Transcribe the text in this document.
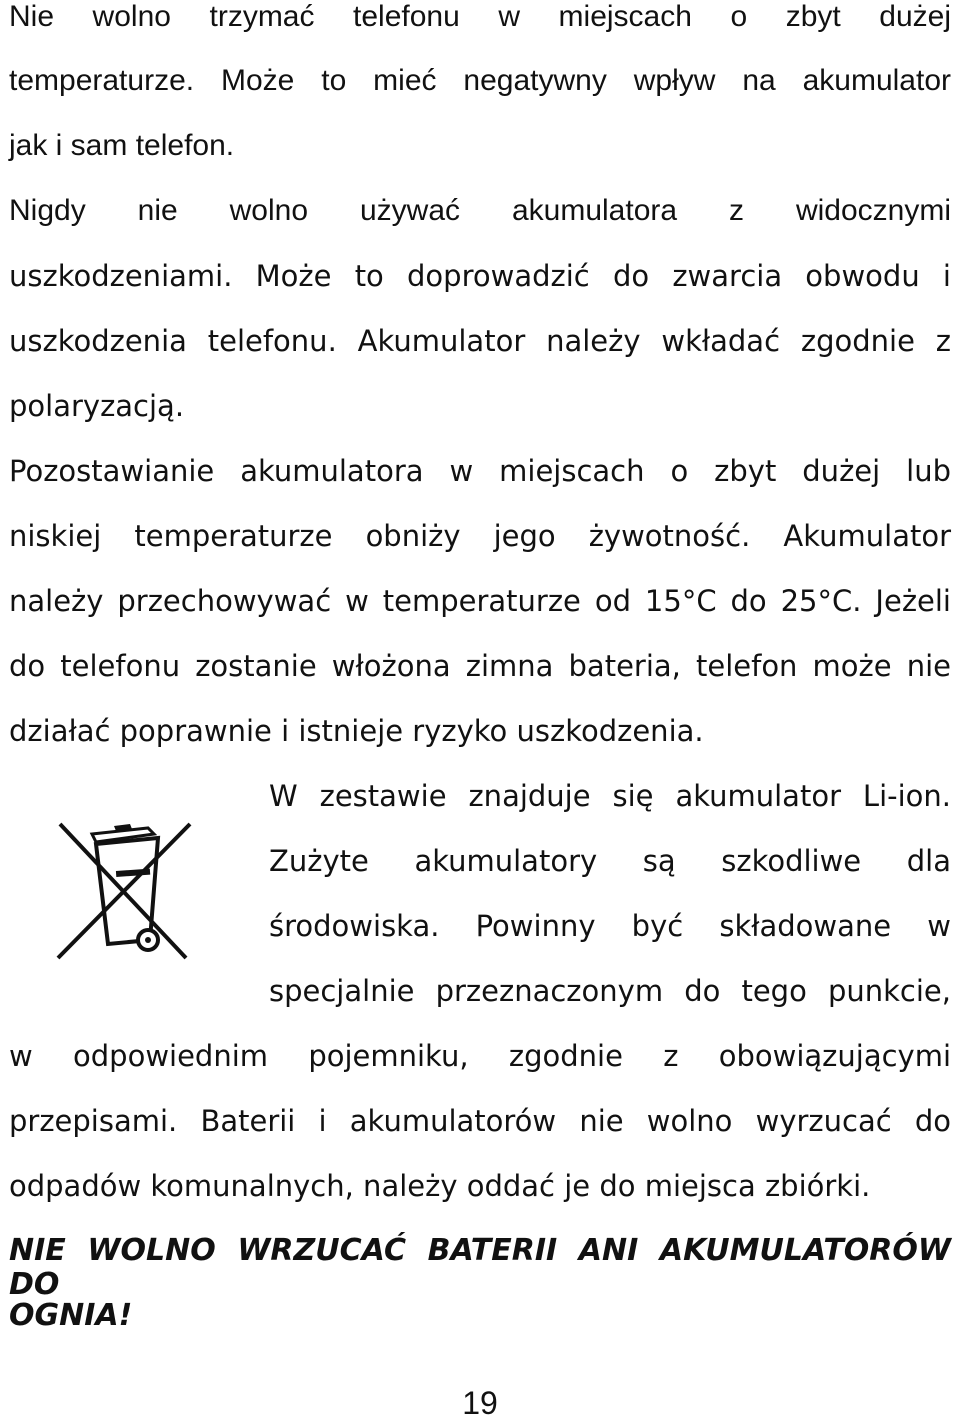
Nie wolno trzymać telefonu w miejscach o zbyt dużej

temperaturze. Może to mieć negatywny wpływ na akumulator

jak i sam telefon.

Nigdy nie wolno używać akumulatora z widocznymi

uszkodzeniami. Może to doprowadzić do zwarcia obwodu i

uszkodzenia telefonu. Akumulator należy wkładać zgodnie z

polaryzacją.

Pozostawianie akumulatora w miejscach o zbyt dużej lub

niskiej temperaturze obniży jego żywotność. Akumulator

należy przechowywać w temperaturze od 15°C do 25°C. Jeżeli

do telefonu zostanie włożona zimna bateria, telefon może nie

działać poprawnie i istnieje ryzyko uszkodzenia.

W zestawie znajduje się akumulator Li-ion.

Zużyte akumulatory są szkodliwe dla

środowiska. Powinny być składowane w

specjalnie przeznaczonym do tego punkcie,

w odpowiednim pojemniku, zgodnie z obowiązującymi

przepisami. Baterii i akumulatorów nie wolno wyrzucać do

odpadów komunalnych, należy oddać je do miejsca zbiórki.

NIE WOLNO WRZUCAĆ BATERII ANI AKUMULATORÓW DO

OGNIA!

19
